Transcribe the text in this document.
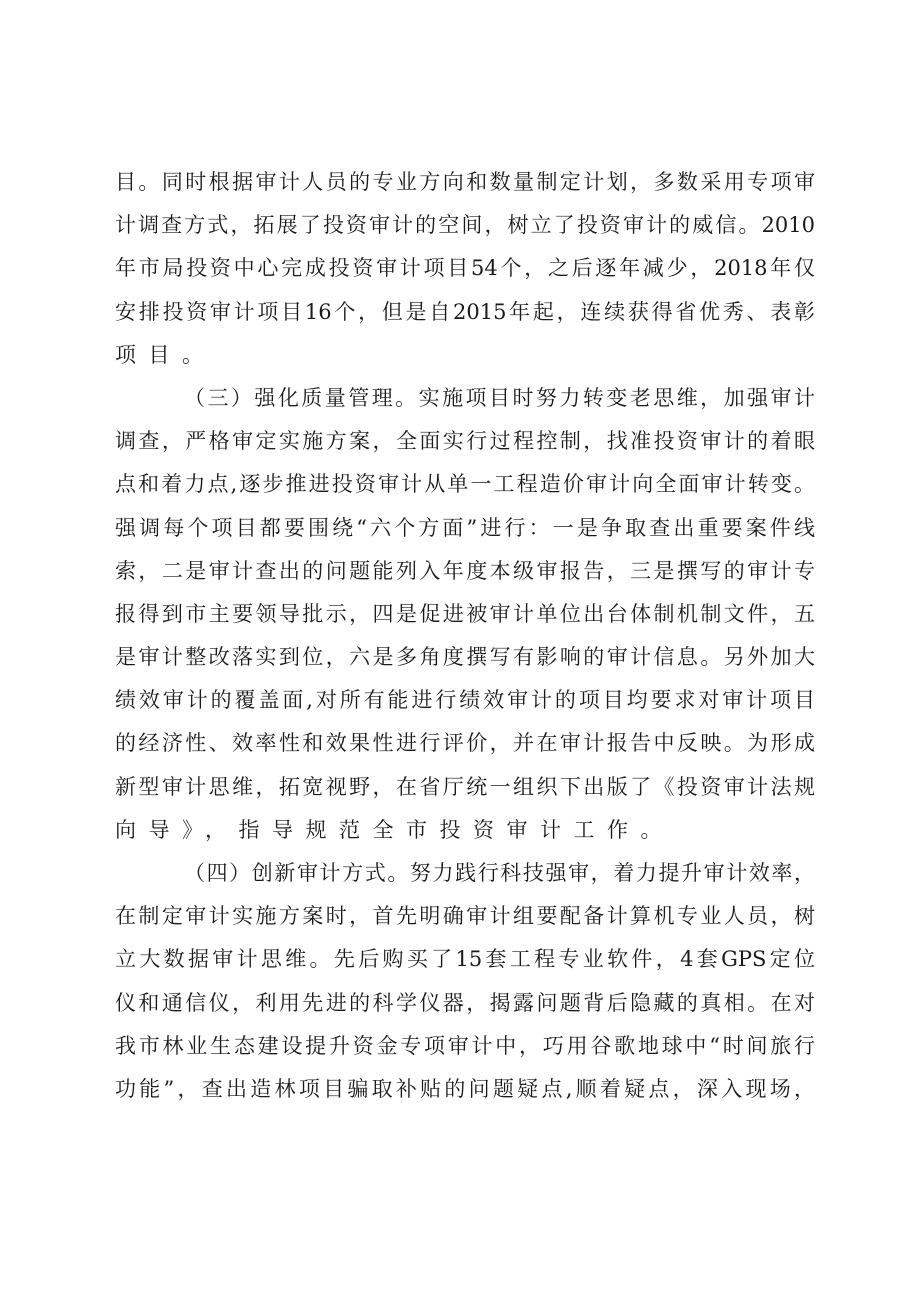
目。同时根据审计人员的专业方向和数量制定计划，多数采用专项审
计调查方式，拓展了投资审计的空间，树立了投资审计的威信。2010
年市局投资中心完成投资审计项目54个，之后逐年减少，2018年仅
安排投资审计项目16个，但是自2015年起，连续获得省优秀、表彰
项目。
（三）强化质量管理。实施项目时努力转变老思维，加强审计
调查，严格审定实施方案，全面实行过程控制，找准投资审计的着眼
点和着力点,逐步推进投资审计从单一工程造价审计向全面审计转变。
强调每个项目都要围绕“六个方面”进行：一是争取查出重要案件线
索，二是审计查出的问题能列入年度本级审报告，三是撰写的审计专
报得到市主要领导批示，四是促进被审计单位出台体制机制文件，五
是审计整改落实到位，六是多角度撰写有影响的审计信息。另外加大
绩效审计的覆盖面,对所有能进行绩效审计的项目均要求对审计项目
的经济性、效率性和效果性进行评价，并在审计报告中反映。为形成
新型审计思维，拓宽视野，在省厅统一组织下出版了《投资审计法规
向导》，指导规范全市投资审计工作。
（四）创新审计方式。努力践行科技强审，着力提升审计效率，
在制定审计实施方案时，首先明确审计组要配备计算机专业人员，树
立大数据审计思维。先后购买了15套工程专业软件，4套GPS定位
仪和通信仪，利用先进的科学仪器，揭露问题背后隐藏的真相。在对
我市林业生态建设提升资金专项审计中，巧用谷歌地球中“时间旅行
功能”，查出造林项目骗取补贴的问题疑点,顺着疑点，深入现场，
